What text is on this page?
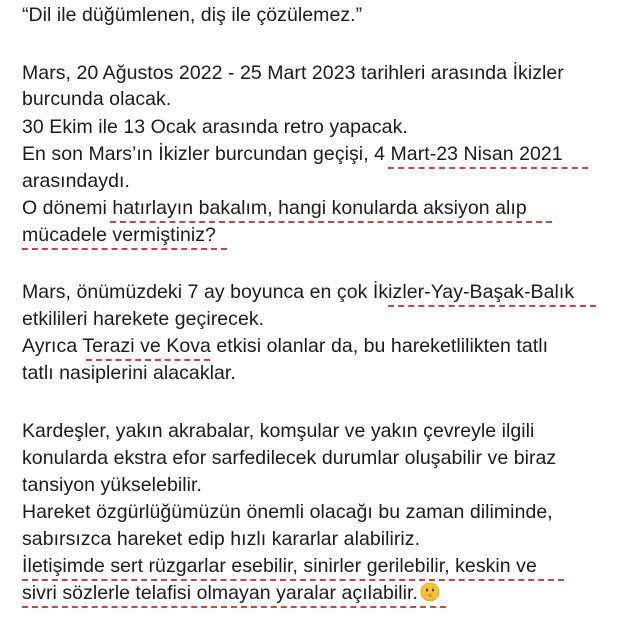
“Dil ile düğümlenen, diş ile çözülemez.”
Mars, 20 Ağustos 2022 - 25 Mart 2023 tarihleri arasında İkizler
burcunda olacak.
30 Ekim ile 13 Ocak arasında retro yapacak.
En son Mars’ın İkizler burcundan geçişi, 4 Mart-23 Nisan 2021
arasındaydı.
O dönemi hatırlayın bakalım, hangi konularda aksiyon alıp
mücadele vermiştiniz?
Mars, önümüzdeki 7 ay boyunca en çok İkizler-Yay-Başak-Balık
etkilileri harekete geçirecek.
Ayrıca Terazi ve Kova etkisi olanlar da, bu hareketlilikten tatlı
tatlı nasiplerini alacaklar.
Kardeşler, yakın akrabalar, komşular ve yakın çevreyle ilgili
konularda ekstra efor sarfedilecek durumlar oluşabilir ve biraz
tansiyon yükselebilir.
Hareket özgürlüğümüzün önemli olacağı bu zaman diliminde,
sabırsızca hareket edip hızlı kararlar alabiliriz.
İletişimde sert rüzgarlar esebilir, sinirler gerilebilir, keskin ve
sivri sözlerle telafisi olmayan yaralar açılabilir.
